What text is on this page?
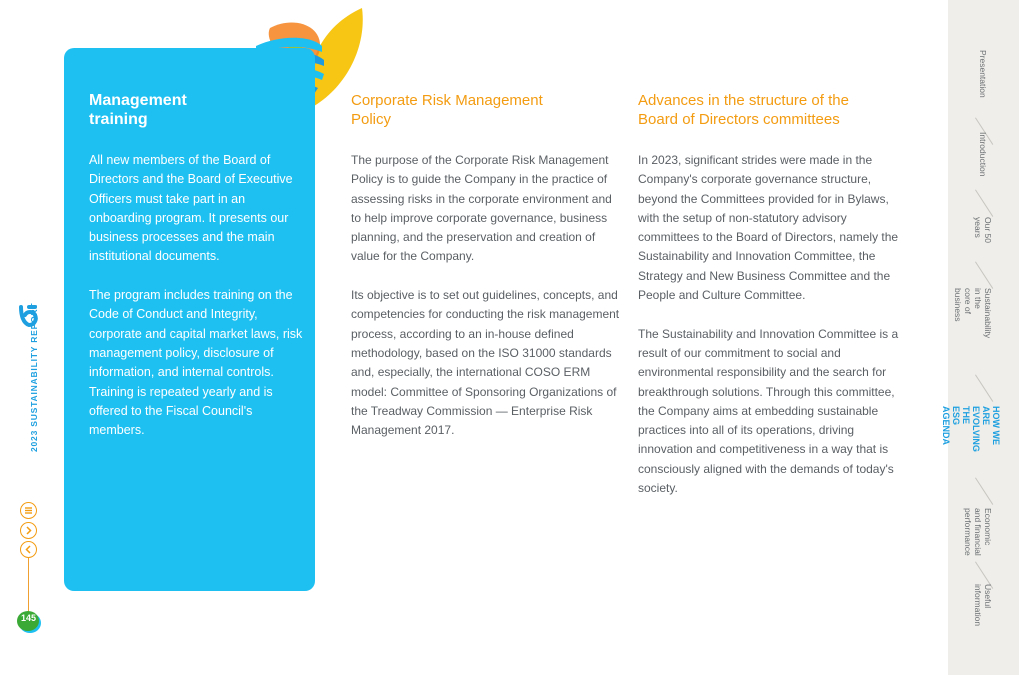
Management
training

All new members of the Board of Directors and the Board of Executive Officers must take part in an onboarding program. It presents our business processes and the main institutional documents.

The program includes training on the Code of Conduct and Integrity, corporate and capital market laws, risk management policy, disclosure of information, and internal controls. Training is repeated yearly and is offered to the Fiscal Council's members.

Corporate Risk Management
Policy

The purpose of the Corporate Risk Management Policy is to guide the Company in the practice of assessing risks in the corporate environment and to help improve corporate governance, business planning, and the preservation and creation of value for the Company.

Its objective is to set out guidelines, concepts, and competencies for conducting the risk management process, according to an in-house defined methodology, based on the ISO 31000 standards and, especially, the international COSO ERM model: Committee of Sponsoring Organizations of the Treadway Commission — Enterprise Risk Management 2017.

Advances in the structure of the
Board of Directors committees

In 2023, significant strides were made in the Company's corporate governance structure, beyond the Committees provided for in Bylaws, with the setup of non-statutory advisory committees to the Board of Directors, namely the Sustainability and Innovation Committee, the Strategy and New Business Committee and the People and Culture Committee.

The Sustainability and Innovation Committee is a result of our commitment to social and environmental responsibility and the search for breakthrough solutions. Through this committee, the Company aims at embedding sustainable practices into all of its operations, driving innovation and competitiveness in a way that is consciously aligned with the demands of today's society.

2023 SUSTAINABILITY REPORT
145
Presentation
Introduction
Our 50
years
Sustainability in the
core of business
HOW WE ARE
EVOLVING THE
ESG AGENDA
Economic
and financial
performance
Useful
information
